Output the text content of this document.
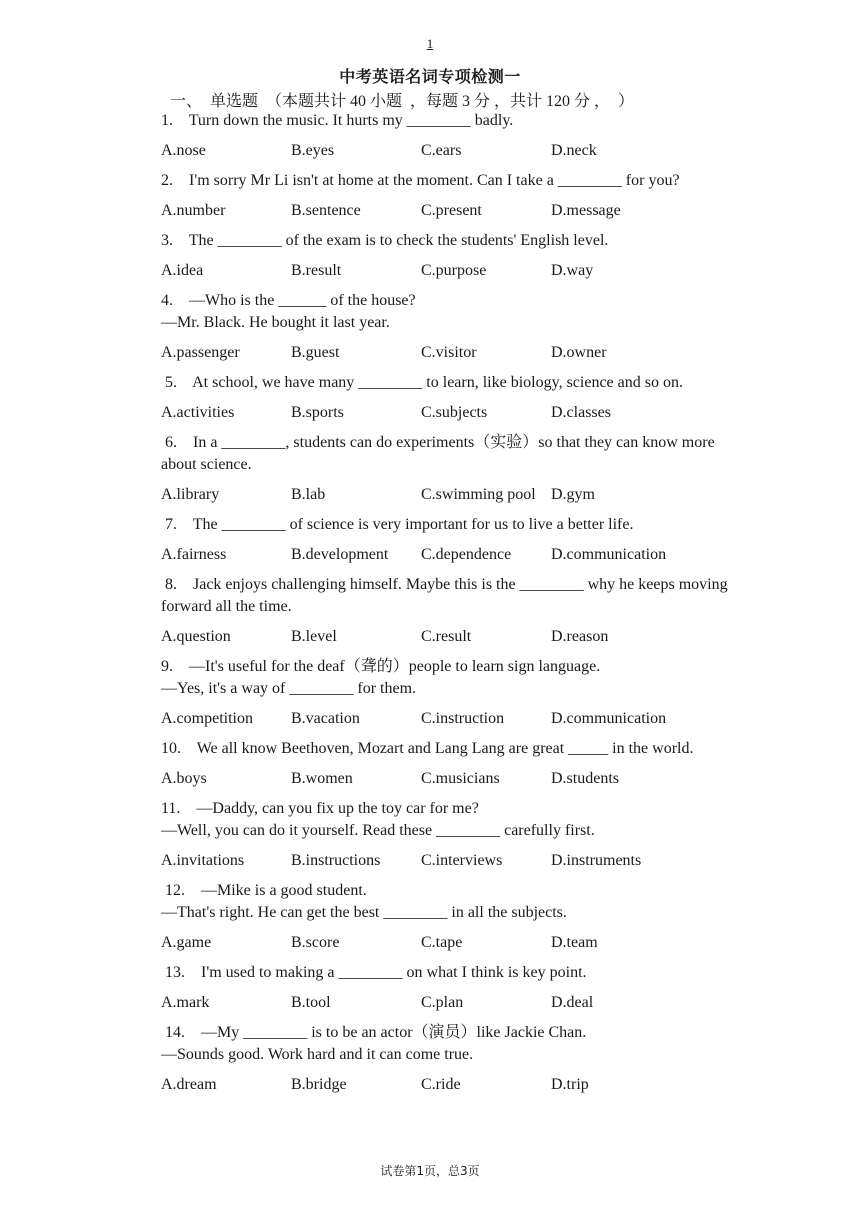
1
中考英语名词专项检测一
一、  单选题  （本题共计 40 小题  ，每题 3 分 ，共计 120 分 ，  ）
1.    Turn down the music. It hurts my ________ badly.
A.nose	B.eyes	C.ears	D.neck
2.    I'm sorry Mr Li isn't at home at the moment. Can I take a ________ for you?
A.number	B.sentence	C.present	D.message
3.    The ________ of the exam is to check the students' English level.
A.idea	B.result	C.purpose	D.way
4.    —Who is the ______ of the house?
—Mr. Black. He bought it last year.
A.passenger	B.guest	C.visitor	D.owner
5.    At school, we have many ________ to learn, like biology, science and so on.
A.activities	B.sports	C.subjects	D.classes
6.    In a ________, students can do experiments（实验）so that they can know more about science.
A.library	B.lab	C.swimming pool D.gym
7.    The ________ of science is very important for us to live a better life.
A.fairness	B.development	C.dependence	D.communication
8.    Jack enjoys challenging himself. Maybe this is the ________ why he keeps moving forward all the time.
A.question	B.level	C.result	D.reason
9.    —It's useful for the deaf（聋的）people to learn sign language.
—Yes, it's a way of ________ for them.
A.competition	B.vacation	C.instruction	D.communication
10.    We all know Beethoven, Mozart and Lang Lang are great _____ in the world.
A.boys	B.women	C.musicians	D.students
11.    —Daddy, can you fix up the toy car for me?
—Well, you can do it yourself. Read these ________ carefully first.
A.invitations	B.instructions	C.interviews	D.instruments
12.    —Mike is a good student.
—That's right. He can get the best ________ in all the subjects.
A.game	B.score	C.tape	D.team
13.    I'm used to making a ________ on what I think is key point.
A.mark	B.tool	C.plan	D.deal
14.    —My ________ is to be an actor（演员）like Jackie Chan.
—Sounds good. Work hard and it can come true.
A.dream	B.bridge	C.ride	D.trip
试卷第1页，总3页
